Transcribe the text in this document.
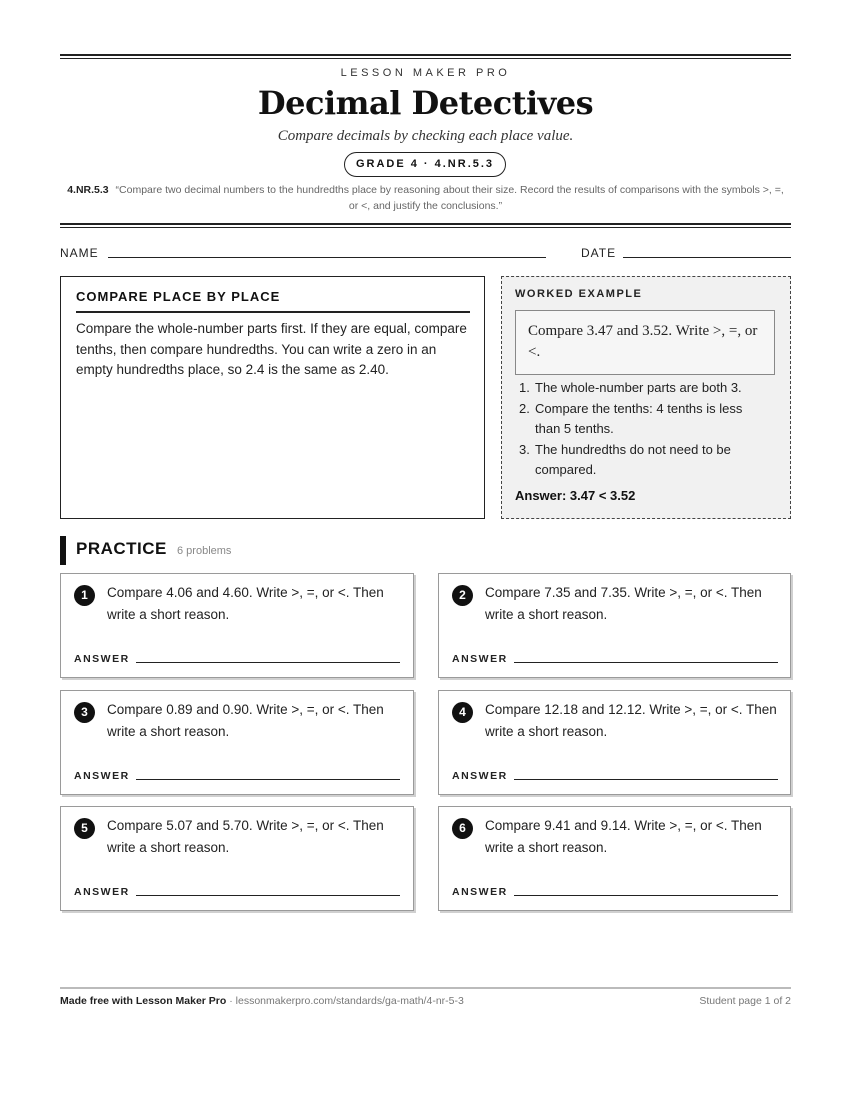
LESSON MAKER PRO
Decimal Detectives
Compare decimals by checking each place value.
GRADE 4 · 4.NR.5.3
4.NR.5.3 “Compare two decimal numbers to the hundredths place by reasoning about their size. Record the results of comparisons with the symbols >, =, or <, and justify the conclusions.”
NAME	DATE
COMPARE PLACE BY PLACE
Compare the whole-number parts first. If they are equal, compare tenths, then compare hundredths. You can write a zero in an empty hundredths place, so 2.4 is the same as 2.40.
WORKED EXAMPLE
Compare 3.47 and 3.52. Write >, =, or <.
1. The whole-number parts are both 3.
2. Compare the tenths: 4 tenths is less than 5 tenths.
3. The hundredths do not need to be compared.
Answer: 3.47 < 3.52
PRACTICE 6 problems
1	Compare 4.06 and 4.60. Write >, =, or <. Then write a short reason.
ANSWER
2	Compare 7.35 and 7.35. Write >, =, or <. Then write a short reason.
ANSWER
3	Compare 0.89 and 0.90. Write >, =, or <. Then write a short reason.
ANSWER
4	Compare 12.18 and 12.12. Write >, =, or <. Then write a short reason.
ANSWER
5	Compare 5.07 and 5.70. Write >, =, or <. Then write a short reason.
ANSWER
6	Compare 9.41 and 9.14. Write >, =, or <. Then write a short reason.
ANSWER
Made free with Lesson Maker Pro · lessonmakerpro.com/standards/ga-math/4-nr-5-3	Student page 1 of 2
